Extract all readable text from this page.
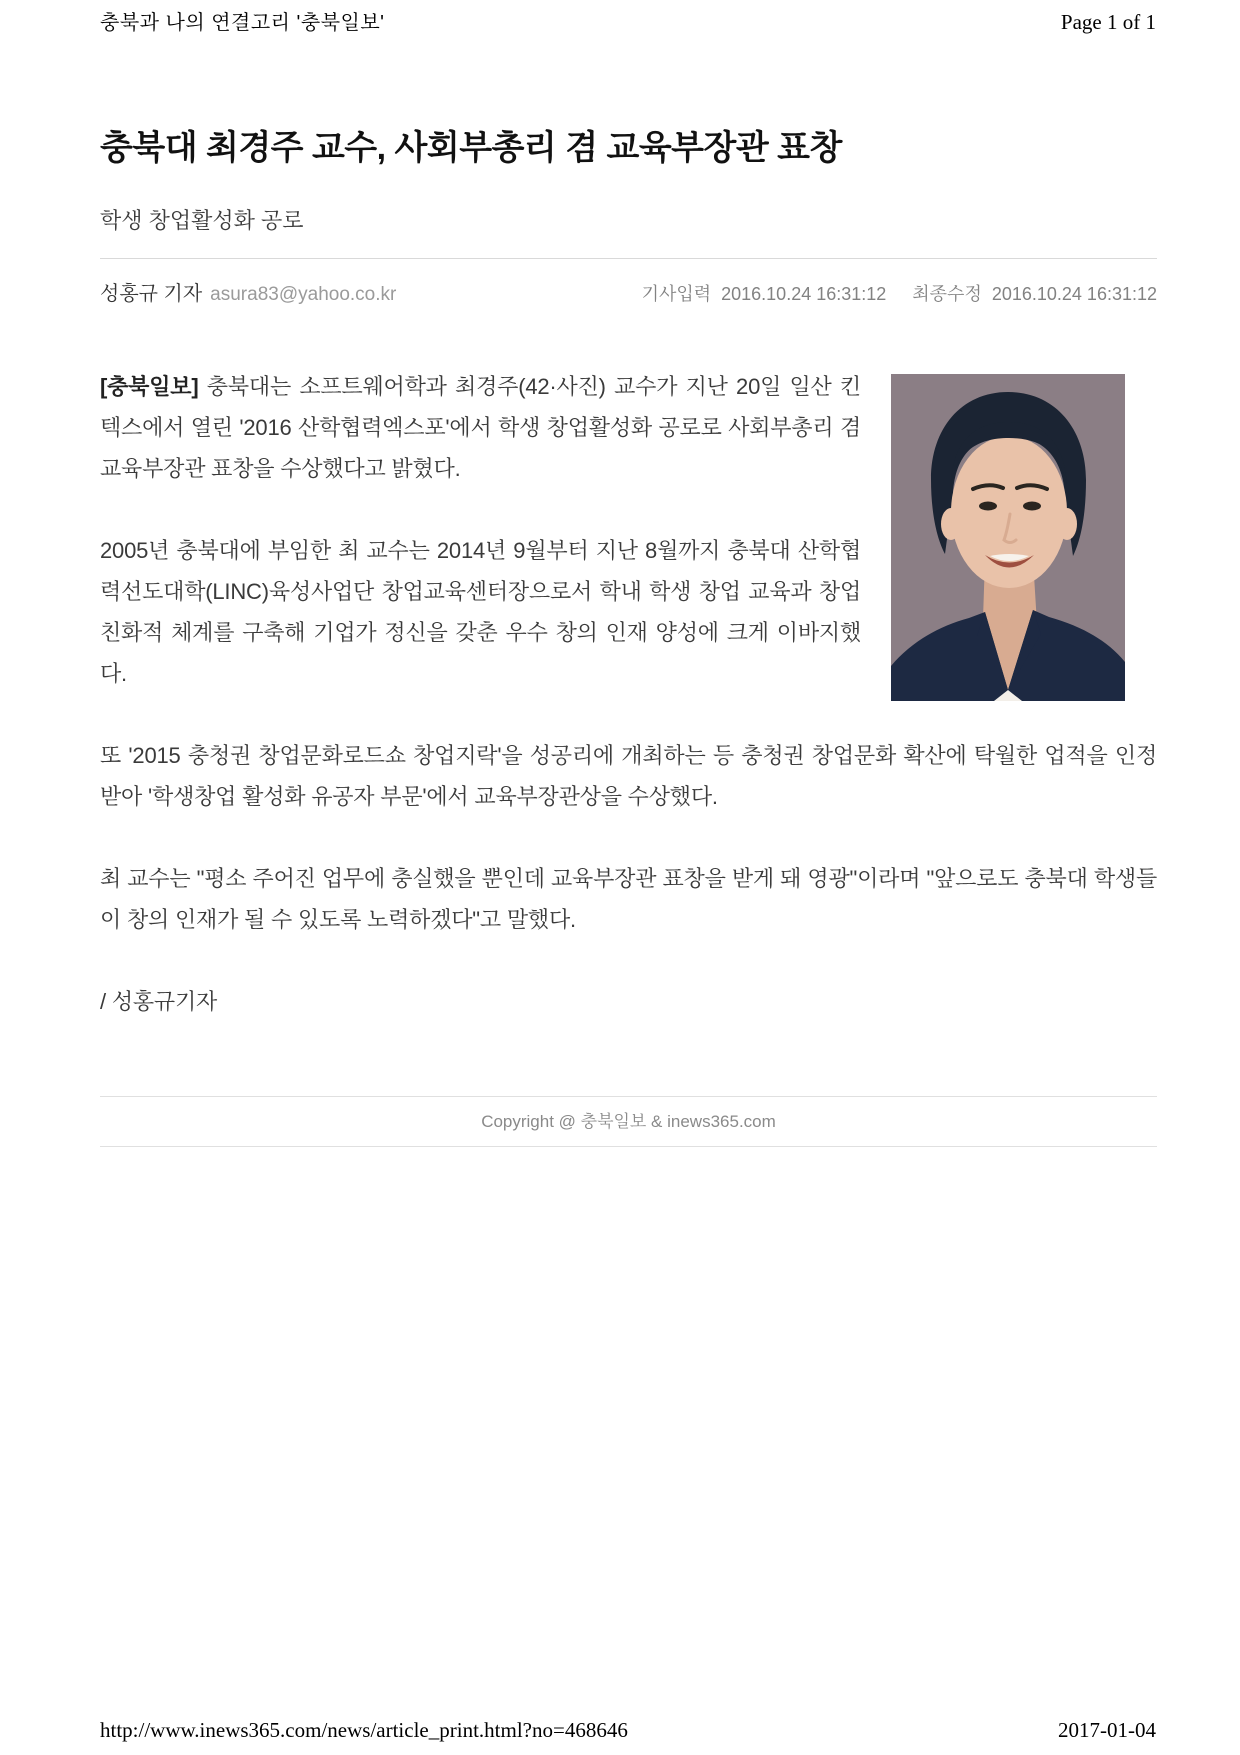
충북과 나의 연결고리 '충북일보'	Page 1 of 1
충북대 최경주 교수, 사회부총리 겸 교육부장관 표창

학생 창업활성화 공로

성홍규 기자 asura83@yahoo.co.kr	기사입력 2016.10.24 16:31:12 최종수정 2016.10.24 16:31:12

[충북일보] 충북대는 소프트웨어학과 최경주(42·사진) 교수가 지난 20일 일산 킨텍스에서 열린 '2016 산학협력엑스포'에서 학생 창업활성화 공로로 사회부총리 겸 교육부장관 표창을 수상했다고 밝혔다.

2005년 충북대에 부임한 최 교수는 2014년 9월부터 지난 8월까지 충북대 산학협력선도대학(LINC)육성사업단 창업교육센터장으로서 학내 학생 창업 교육과 창업 친화적 체계를 구축해 기업가 정신을 갖춘 우수 창의 인재 양성에 크게 이바지했다.

또 '2015 충청권 창업문화로드쇼 창업지락'을 성공리에 개최하는 등 충청권 창업문화 확산에 탁월한 업적을 인정받아 '학생창업 활성화 유공자 부문'에서 교육부장관상을 수상했다.

최 교수는 "평소 주어진 업무에 충실했을 뿐인데 교육부장관 표창을 받게 돼 영광"이라며 "앞으로도 충북대 학생들이 창의 인재가 될 수 있도록 노력하겠다"고 말했다.

/ 성홍규기자

Copyright @ 충북일보 & inews365.com
http://www.inews365.com/news/article_print.html?no=468646	2017-01-04
